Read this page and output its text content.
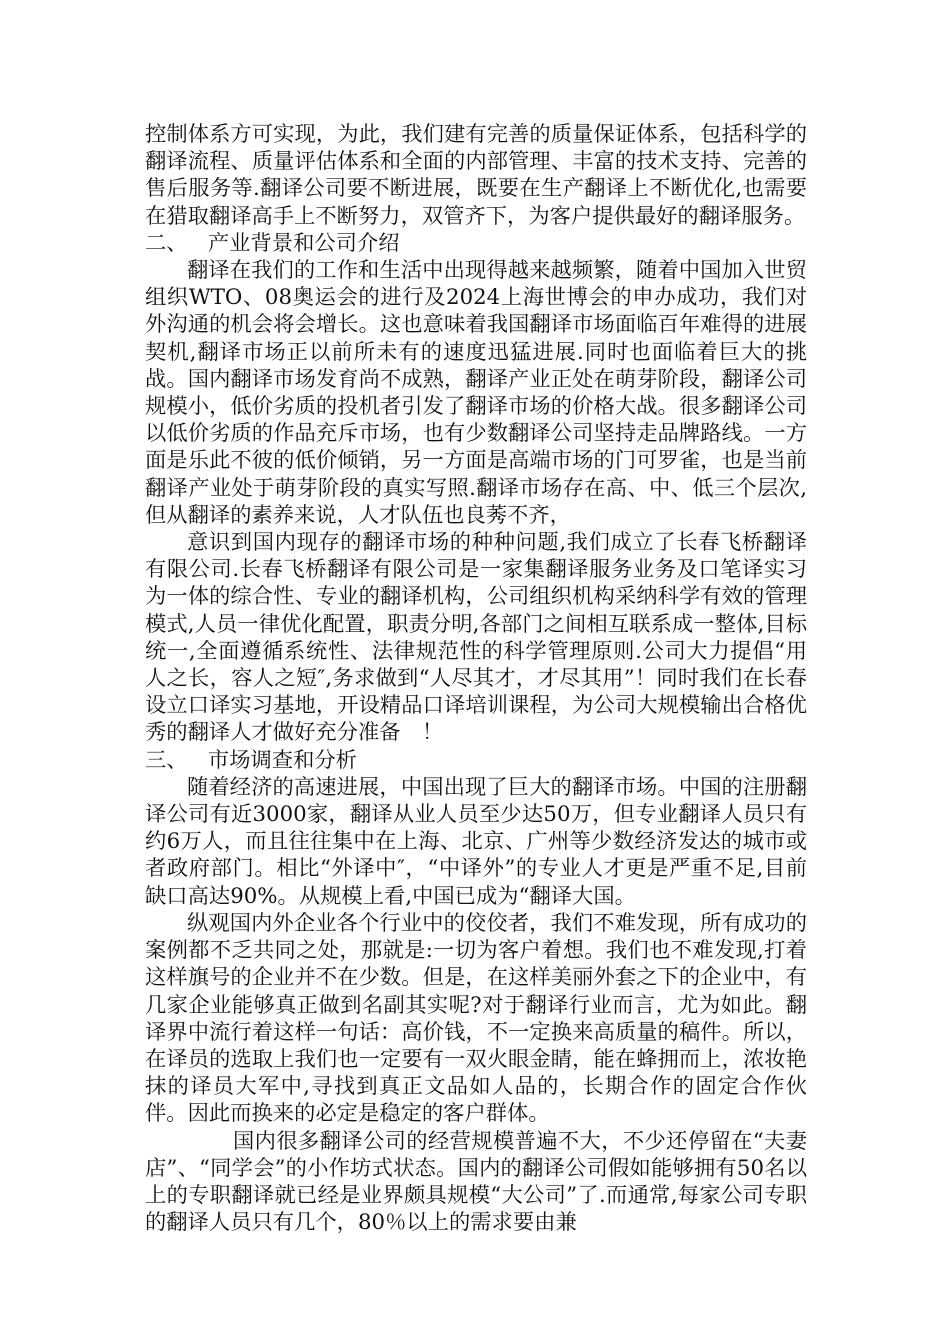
控制体系方可实现，为此，我们建有完善的质量保证体系，包括科学的翻译流程、质量评估体系和全面的内部管理、丰富的技术支持、完善的售后服务等.翻译公司要不断进展，既要在生产翻译上不断优化,也需要在猎取翻译高手上不断努力，双管齐下，为客户提供最好的翻译服务。

二、   产业背景和公司介绍

翻译在我们的工作和生活中出现得越来越频繁，随着中国加入世贸组织WTO、08奥运会的进行及2024上海世博会的申办成功，我们对外沟通的机会将会增长。这也意味着我国翻译市场面临百年难得的进展契机,翻译市场正以前所未有的速度迅猛进展.同时也面临着巨大的挑战。国内翻译市场发育尚不成熟，翻译产业正处在萌芽阶段，翻译公司规模小，低价劣质的投机者引发了翻译市场的价格大战。很多翻译公司以低价劣质的作品充斥市场，也有少数翻译公司坚持走品牌路线。一方面是乐此不彼的低价倾销，另一方面是高端市场的门可罗雀，也是当前翻译产业处于萌芽阶段的真实写照.翻译市场存在高、中、低三个层次,但从翻译的素养来说，人才队伍也良莠不齐，

意识到国内现存的翻译市场的种种问题,我们成立了长春飞桥翻译有限公司.长春飞桥翻译有限公司是一家集翻译服务业务及口笔译实习为一体的综合性、专业的翻译机构，公司组织机构采纳科学有效的管理模式,人员一律优化配置，职责分明,各部门之间相互联系成一整体,目标统一,全面遵循系统性、法律规范性的科学管理原则.公司大力提倡“用人之长，容人之短″,务求做到“人尽其才，才尽其用”！同时我们在长春设立口译实习基地，开设精品口译培训课程，为公司大规模输出合格优秀的翻译人才做好充分准备　！

三、   市场调查和分析

随着经济的高速进展，中国出现了巨大的翻译市场。中国的注册翻译公司有近3000家，翻译从业人员至少达50万，但专业翻译人员只有约6万人，而且往往集中在上海、北京、广州等少数经济发达的城市或者政府部门。相比“外译中″，“中译外”的专业人才更是严重不足,目前缺口高达90%。从规模上看,中国已成为“翻译大国。

纵观国内外企业各个行业中的佼佼者，我们不难发现，所有成功的案例都不乏共同之处，那就是:一切为客户着想。我们也不难发现,打着这样旗号的企业并不在少数。但是，在这样美丽外套之下的企业中，有几家企业能够真正做到名副其实呢?对于翻译行业而言，尤为如此。翻译界中流行着这样一句话：高价钱，不一定换来高质量的稿件。所以，在译员的选取上我们也一定要有一双火眼金睛，能在蜂拥而上，浓妆艳抹的译员大军中,寻找到真正文品如人品的，长期合作的固定合作伙伴。因此而换来的必定是稳定的客户群体。

国内很多翻译公司的经营规模普遍不大，不少还停留在“夫妻店”、“同学会”的小作坊式状态。国内的翻译公司假如能够拥有50名以上的专职翻译就已经是业界颇具规模“大公司”了.而通常,每家公司专职的翻译人员只有几个，80％以上的需求要由兼
